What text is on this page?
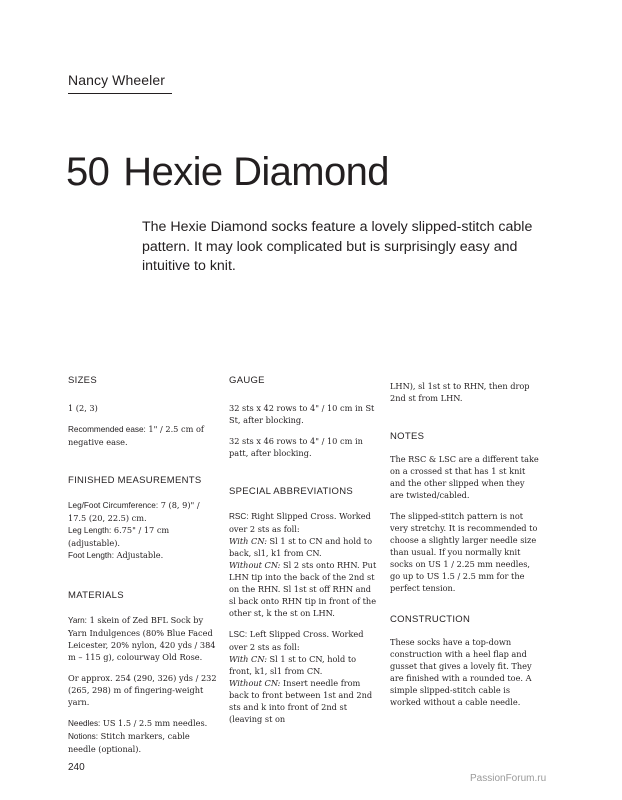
Nancy Wheeler
50 Hexie Diamond

The Hexie Diamond socks feature a lovely slipped-stitch cable pattern. It may look complicated but is surprisingly easy and intuitive to knit.

SIZES

1 (2, 3)

Recommended ease: 1" / 2.5 cm of negative ease.

FINISHED MEASUREMENTS

Leg/Foot Circumference: 7 (8, 9)" / 17.5 (20, 22.5) cm.

Leg Length: 6.75" / 17 cm (adjustable).

Foot Length: Adjustable.

MATERIALS

Yarn: 1 skein of Zed BFL Sock by Yarn Indulgences (80% Blue Faced Leicester, 20% nylon, 420 yds / 384 m – 115 g), colourway Old Rose.

Or approx. 254 (290, 326) yds / 232 (265, 298) m of fingering-weight yarn.

Needles: US 1.5 / 2.5 mm needles.

Notions: Stitch markers, cable needle (optional).

GAUGE

32 sts x 42 rows to 4" / 10 cm in St St, after blocking.

32 sts x 46 rows to 4" / 10 cm in patt, after blocking.

SPECIAL ABBREVIATIONS

RSC: Right Slipped Cross. Worked over 2 sts as foll:

With CN: Sl 1 st to CN and hold to back, sl1, k1 from CN.

Without CN: Sl 2 sts onto RHN. Put LHN tip into the back of the 2nd st on the RHN. Sl 1st st off RHN and sl back onto RHN tip in front of the other st, k the st on LHN.

LSC: Left Slipped Cross. Worked over 2 sts as foll:

With CN: Sl 1 st to CN, hold to front, k1, sl1 from CN.

Without CN: Insert needle from back to front between 1st and 2nd sts and k into front of 2nd st (leaving st on

LHN), sl 1st st to RHN, then drop 2nd st from LHN.

NOTES

The RSC & LSC are a different take on a crossed st that has 1 st knit and the other slipped when they are twisted/cabled.

The slipped-stitch pattern is not very stretchy. It is recommended to choose a slightly larger needle size than usual. If you normally knit socks on US 1 / 2.25 mm needles, go up to US 1.5 / 2.5 mm for the perfect tension.

CONSTRUCTION

These socks have a top-down construction with a heel flap and gusset that gives a lovely fit. They are finished with a rounded toe. A simple slipped-stitch cable is worked without a cable needle.

240
PassionForum.ru
